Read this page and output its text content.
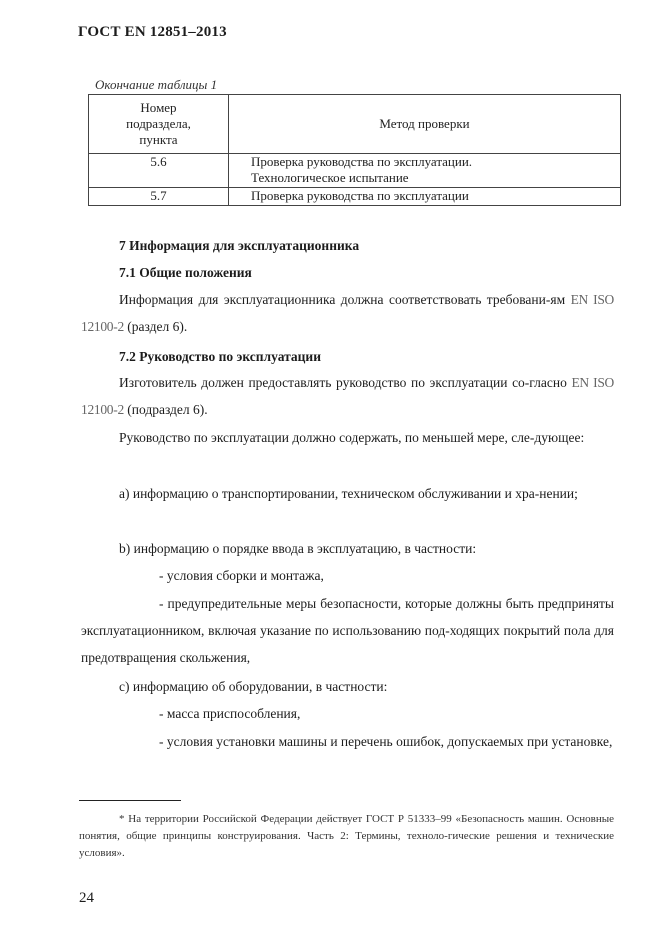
ГОСТ EN 12851–2013
Окончание таблицы 1
Номер
подраздела,
пункта	Метод проверки
5.6	Проверка руководства по эксплуатации.
Технологическое испытание

5.7	Проверка руководства по эксплуатации
7 Информация для эксплуатационника
7.1 Общие положения
Информация для эксплуатационника должна соответствовать требовани-ям EN ISO 12100-2 (раздел 6).
7.2 Руководство по эксплуатации
Изготовитель должен предоставлять руководство по эксплуатации со-гласно EN ISO 12100-2 (подраздел 6).
Руководство по эксплуатации должно содержать, по меньшей мере, сле-дующее:
a) информацию о транспортировании, техническом обслуживании и хра-нении;
b) информацию о порядке ввода в эксплуатацию, в частности:
- условия сборки и монтажа,
- предупредительные меры безопасности, которые должны быть предприняты эксплуатационником, включая указание по использованию под-ходящих покрытий пола для предотвращения скольжения,
c) информацию об оборудовании, в частности:
- масса приспособления,
- условия установки машины и перечень ошибок, допускаемых при установке,
* На территории Российской Федерации действует ГОСТ Р 51333–99 «Безопасность машин. Основные понятия, общие принципы конструирования. Часть 2: Термины, техноло-гические решения и технические условия».
24
